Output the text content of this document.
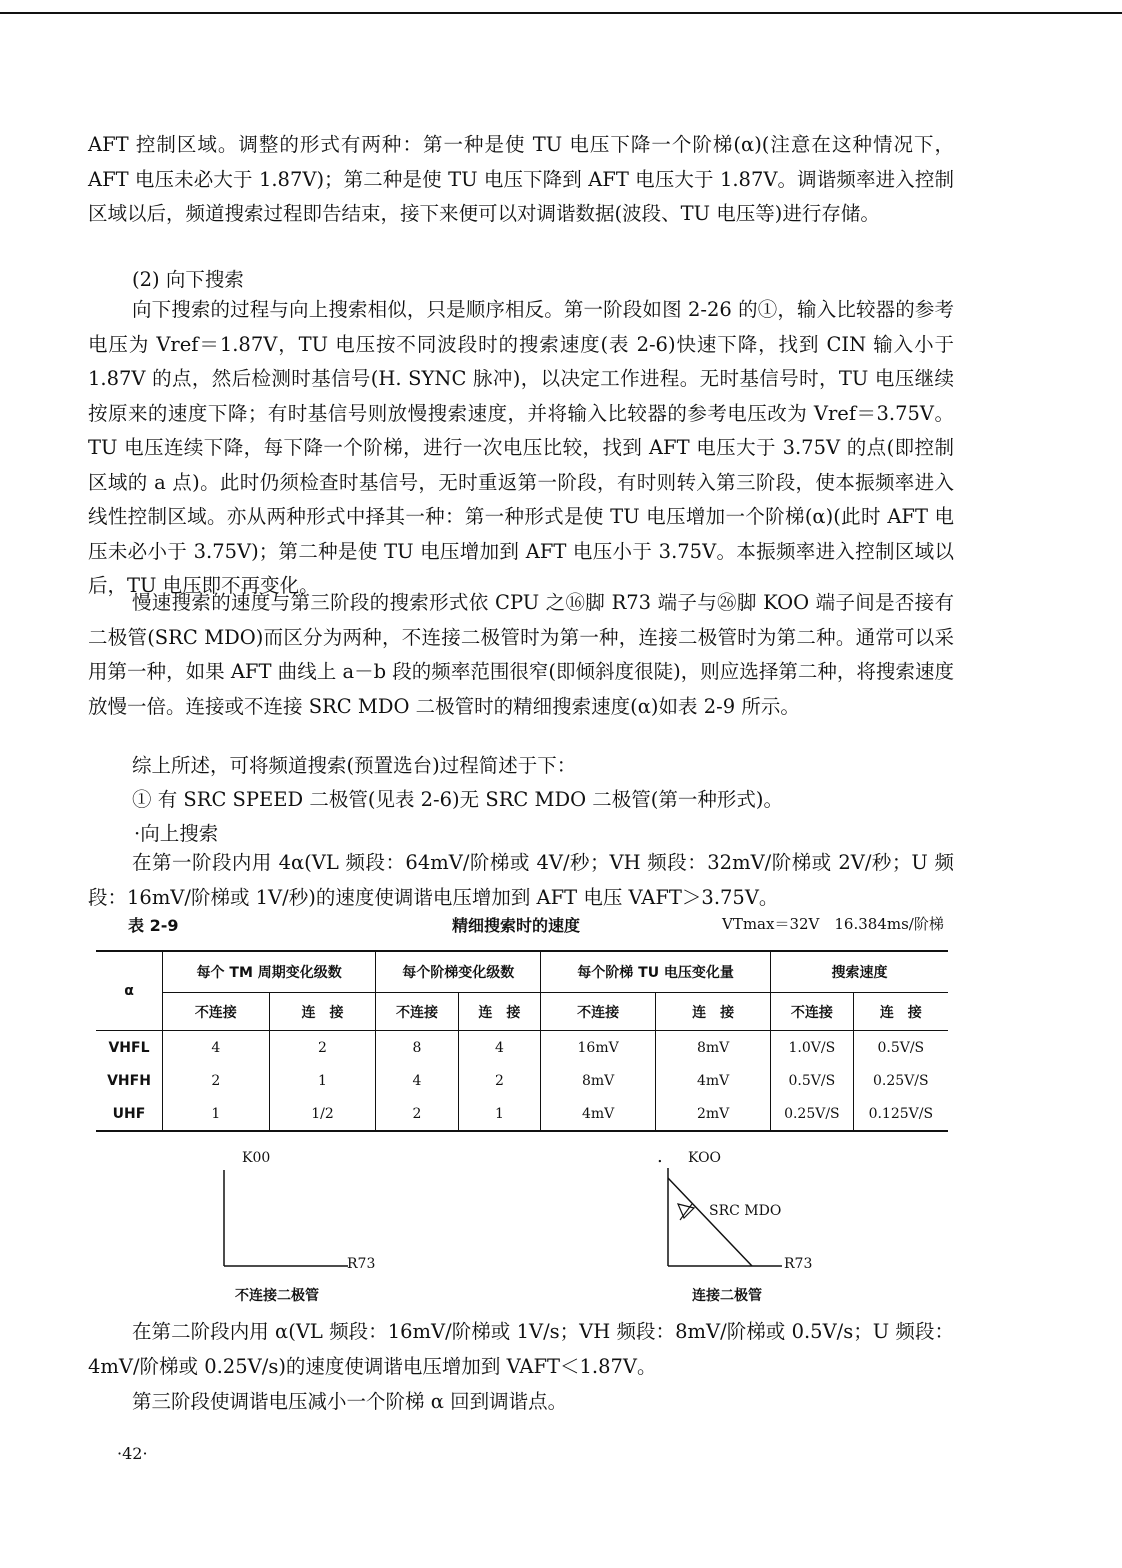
AFT 控制区域。调整的形式有两种：第一种是使 TU 电压下降一个阶梯(α)(注意在这种情况下，AFT 电压未必大于 1.87V)；第二种是使 TU 电压下降到 AFT 电压大于 1.87V。调谐频率进入控制区域以后，频道搜索过程即告结束，接下来便可以对调谐数据(波段、TU 电压等)进行存储。

(2) 向下搜索

向下搜索的过程与向上搜索相似，只是顺序相反。第一阶段如图 2-26 的①，输入比较器的参考电压为 Vref＝1.87V，TU 电压按不同波段时的搜索速度(表 2-6)快速下降，找到 CIN 输入小于 1.87V 的点，然后检测时基信号(H. SYNC 脉冲)，以决定工作进程。无时基信号时，TU 电压继续按原来的速度下降；有时基信号则放慢搜索速度，并将输入比较器的参考电压改为 Vref＝3.75V。TU 电压连续下降，每下降一个阶梯，进行一次电压比较，找到 AFT 电压大于 3.75V 的点(即控制区域的 a 点)。此时仍须检查时基信号，无时重返第一阶段，有时则转入第三阶段，使本振频率进入线性控制区域。亦从两种形式中择其一种：第一种形式是使 TU 电压增加一个阶梯(α)(此时 AFT 电压未必小于 3.75V)；第二种是使 TU 电压增加到 AFT 电压小于 3.75V。本振频率进入控制区域以后，TU 电压即不再变化。

慢速搜索的速度与第三阶段的搜索形式依 CPU 之⑯脚 R73 端子与㉖脚 KOO 端子间是否接有二极管(SRC MDO)而区分为两种，不连接二极管时为第一种，连接二极管时为第二种。通常可以采用第一种，如果 AFT 曲线上 a－b 段的频率范围很窄(即倾斜度很陡)，则应选择第二种，将搜索速度放慢一倍。连接或不连接 SRC MDO 二极管时的精细搜索速度(α)如表 2-9 所示。

综上所述，可将频道搜索(预置选台)过程简述于下：
① 有 SRC SPEED 二极管(见表 2-6)无 SRC MDO 二极管(第一种形式)。
·向上搜索

在第一阶段内用 4α(VL 频段：64mV/阶梯或 4V/秒；VH 频段：32mV/阶梯或 2V/秒；U 频段：16mV/阶梯或 1V/秒)的速度使调谐电压增加到 AFT 电压 VAFT＞3.75V。

表 2-9	精细搜索时的速度	VTmax＝32V　16.384ms/阶梯
α	每个 TM 周期变化级数		每个阶梯变化级数		每个阶梯 TU 电压变化量		搜索速度	
	不连接	连　接	不连接	连　接	不连接	连　接	不连接	连　接
VHFL	4	2	8	4	16mV	8mV	1.0V/S	0.5V/S
VHFH	2	1	4	2	8mV	4mV	0.5V/S	0.25V/S
UHF	1	1/2	2	1	4mV	2mV	0.25V/S	0.125V/S
K00
R73
不连接二极管
. KOO
SRC MDO
R73
连接二极管

在第二阶段内用 α(VL 频段：16mV/阶梯或 1V/s；VH 频段：8mV/阶梯或 0.5V/s；U 频段：4mV/阶梯或 0.25V/s)的速度使调谐电压增加到 VAFT＜1.87V。

第三阶段使调谐电压减小一个阶梯 α 回到调谐点。
·42·
